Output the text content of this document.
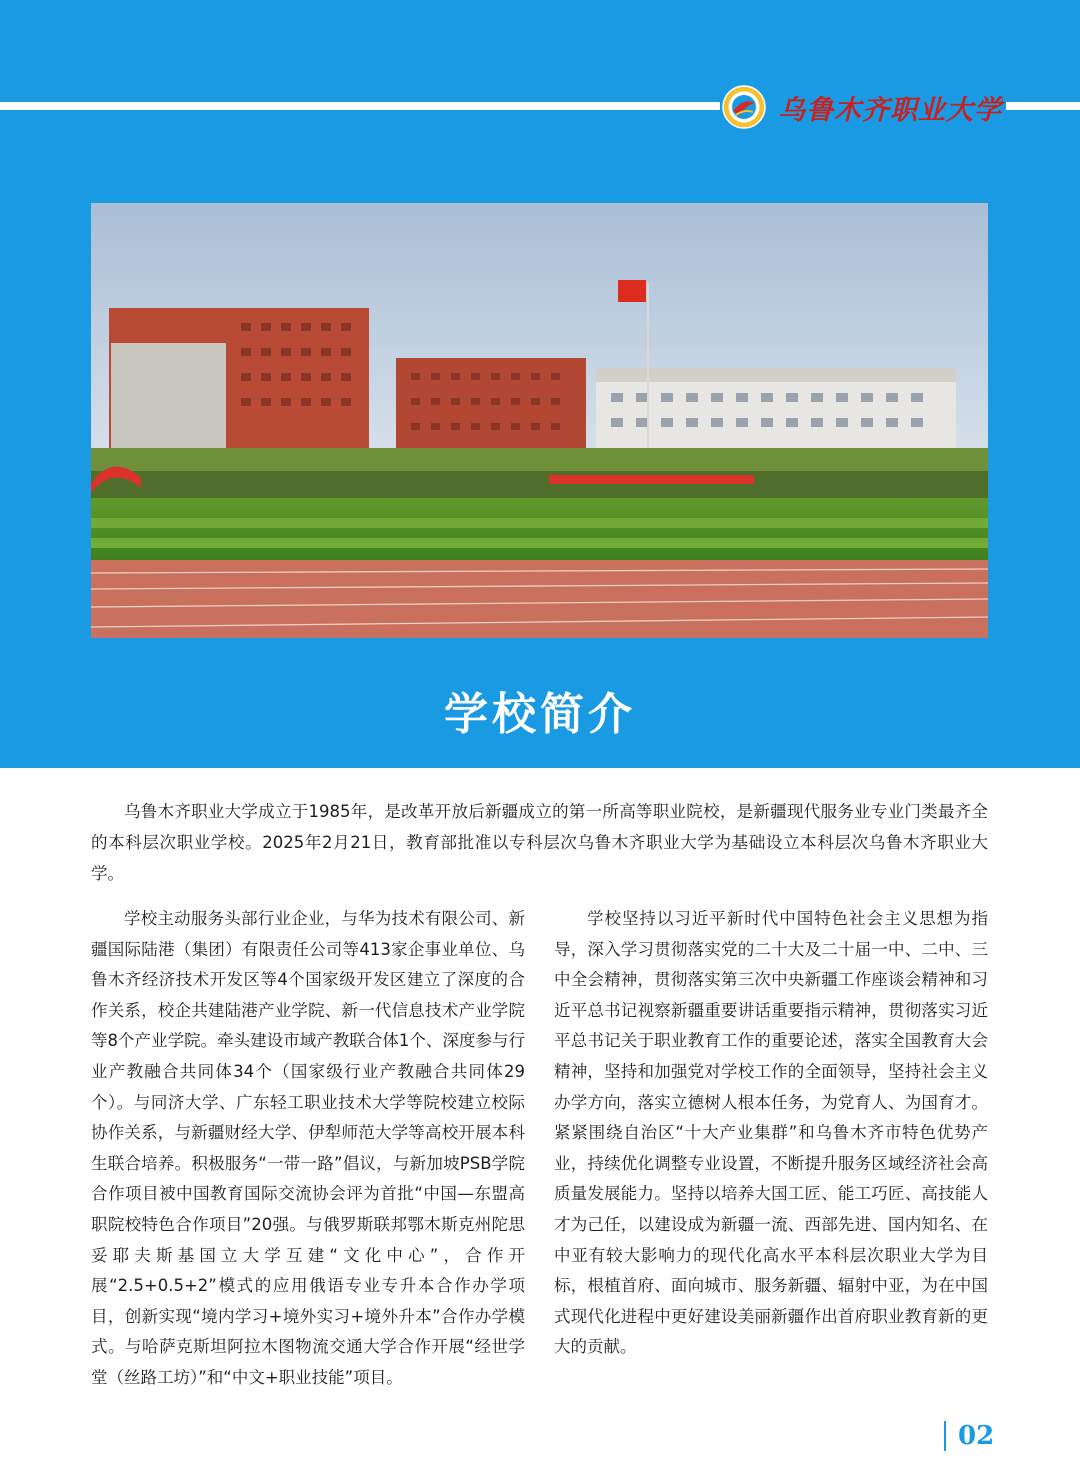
乌鲁木齐职业大学
学校简介

乌鲁木齐职业大学成立于1985年，是改革开放后新疆成立的第一所高等职业院校，是新疆现代服务业专业门类最齐全的本科层次职业学校。2025年2月21日，教育部批准以专科层次乌鲁木齐职业大学为基础设立本科层次乌鲁木齐职业大学。

学校主动服务头部行业企业，与华为技术有限公司、新疆国际陆港（集团）有限责任公司等413家企事业单位、乌鲁木齐经济技术开发区等4个国家级开发区建立了深度的合作关系，校企共建陆港产业学院、新一代信息技术产业学院等8个产业学院。牵头建设市域产教联合体1个、深度参与行业产教融合共同体34个（国家级行业产教融合共同体29个）。与同济大学、广东轻工职业技术大学等院校建立校际协作关系，与新疆财经大学、伊犁师范大学等高校开展本科生联合培养。积极服务“一带一路”倡议，与新加坡PSB学院合作项目被中国教育国际交流协会评为首批“中国—东盟高职院校特色合作项目”20强。与俄罗斯联邦鄂木斯克州陀思妥耶夫斯基国立大学互建“文化中心”，合作开展“2.5+0.5+2”模式的应用俄语专业专升本合作办学项目，创新实现“境内学习+境外实习+境外升本”合作办学模式。与哈萨克斯坦阿拉木图物流交通大学合作开展“经世学堂（丝路工坊）”和“中文+职业技能”项目。

学校坚持以习近平新时代中国特色社会主义思想为指导，深入学习贯彻落实党的二十大及二十届一中、二中、三中全会精神，贯彻落实第三次中央新疆工作座谈会精神和习近平总书记视察新疆重要讲话重要指示精神，贯彻落实习近平总书记关于职业教育工作的重要论述，落实全国教育大会精神，坚持和加强党对学校工作的全面领导，坚持社会主义办学方向，落实立德树人根本任务，为党育人、为国育才。紧紧围绕自治区“十大产业集群”和乌鲁木齐市特色优势产业，持续优化调整专业设置，不断提升服务区域经济社会高质量发展能力。坚持以培养大国工匠、能工巧匠、高技能人才为己任，以建设成为新疆一流、西部先进、国内知名、在中亚有较大影响力的现代化高水平本科层次职业大学为目标，根植首府、面向城市、服务新疆、辐射中亚，为在中国式现代化进程中更好建设美丽新疆作出首府职业教育新的更大的贡献。

02
